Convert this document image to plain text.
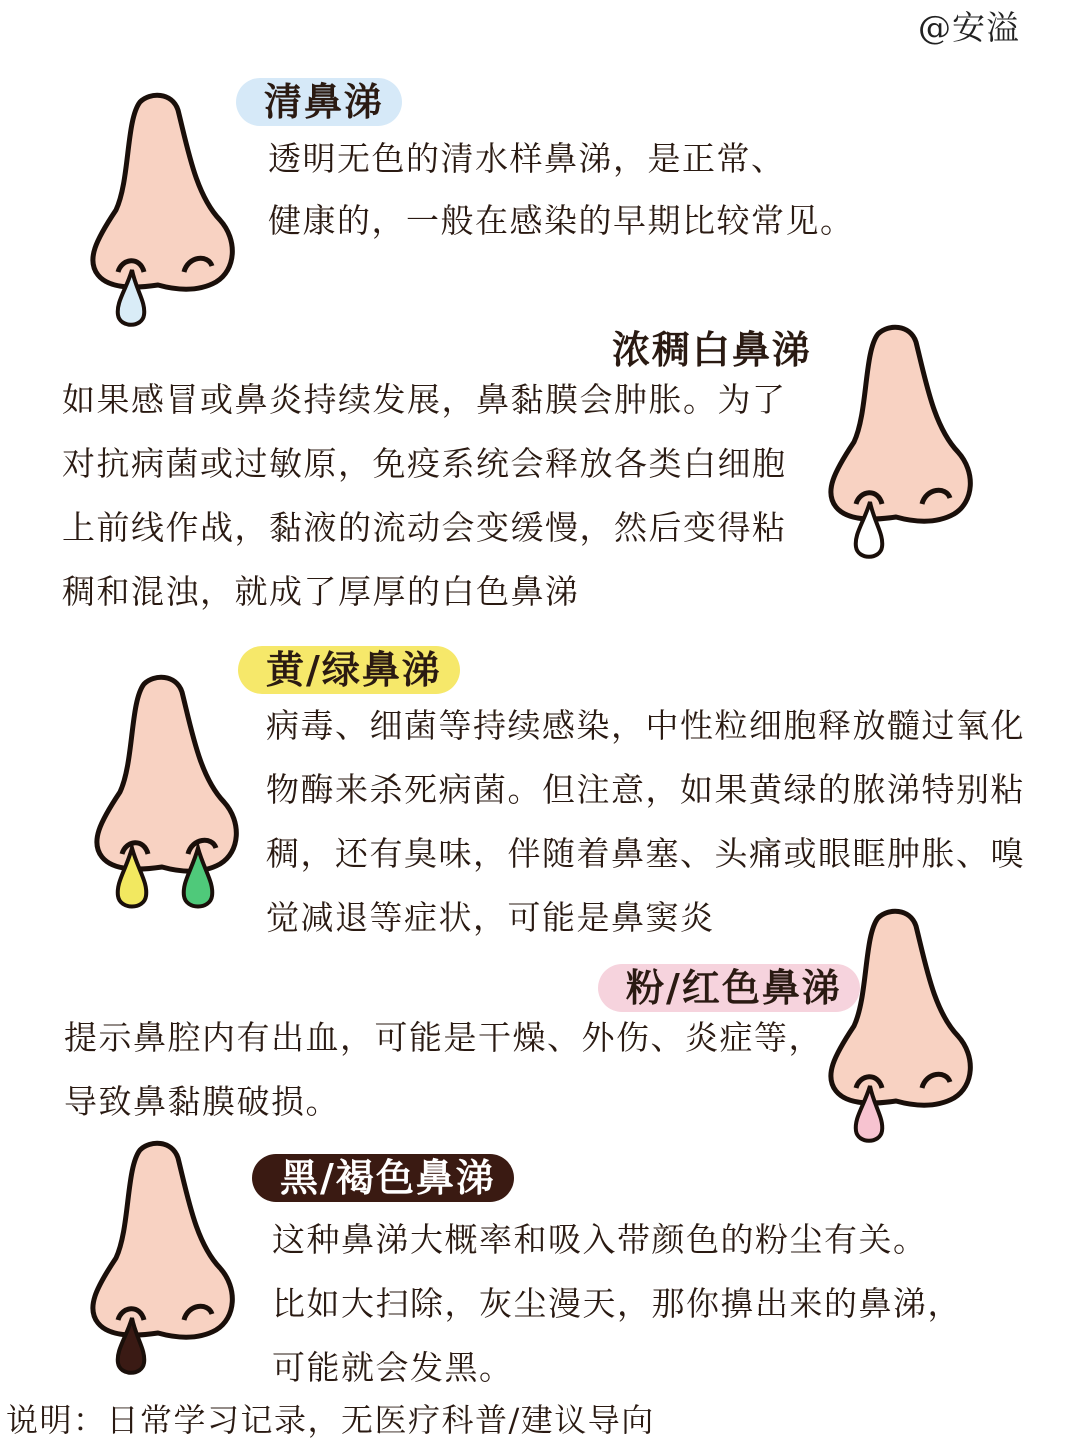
@安溢
清鼻涕

透明无色的清水样鼻涕，是正常、
健康的，一般在感染的早期比较常见。

浓稠白鼻涕

如果感冒或鼻炎持续发展，鼻黏膜会肿胀。为了
对抗病菌或过敏原，免疫系统会释放各类白细胞
上前线作战，黏液的流动会变缓慢，然后变得粘
稠和混浊，就成了厚厚的白色鼻涕

黄/绿鼻涕

病毒、细菌等持续感染，中性粒细胞释放髓过氧化
物酶来杀死病菌。但注意，如果黄绿的脓涕特别粘
稠，还有臭味，伴随着鼻塞、头痛或眼眶肿胀、嗅
觉减退等症状，可能是鼻窦炎

粉/红色鼻涕

提示鼻腔内有出血，可能是干燥、外伤、炎症等，
导致鼻黏膜破损。

黑/褐色鼻涕

这种鼻涕大概率和吸入带颜色的粉尘有关。
比如大扫除，灰尘漫天，那你擤出来的鼻涕，
可能就会发黑。

说明：日常学习记录，无医疗科普/建议导向
